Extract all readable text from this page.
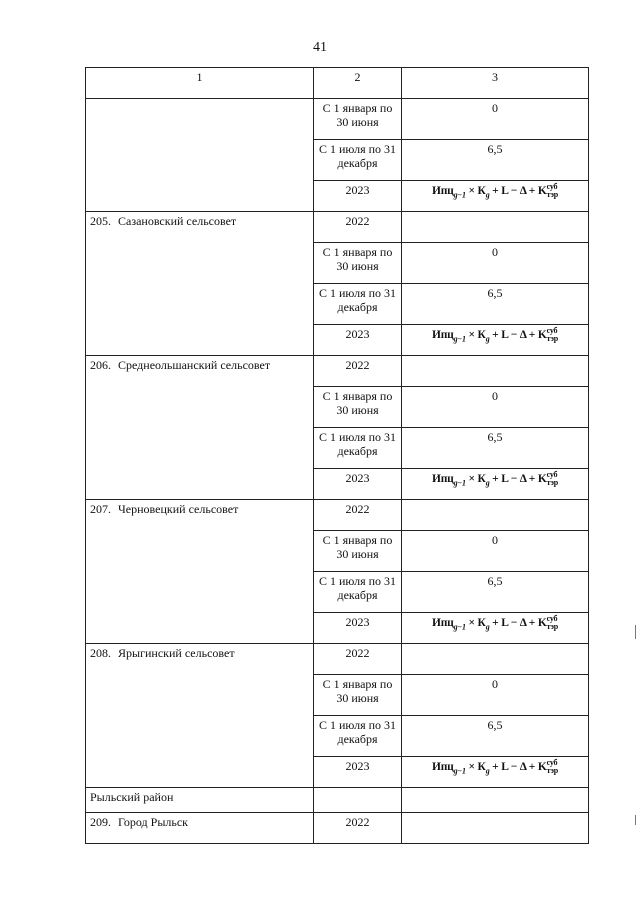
41
1	2	3
	С 1 января по 30 июня	0
	С 1 июля по 31 декабря	6,5
	2023	$Ипц_{g-1} \times К_g + L - \Delta + K$ суб
тэр

205. Сазановский сельсовет	2022	
	С 1 января по 30 июня	0
	С 1 июля по 31 декабря	6,5
	2023	$Ипц_{g-1} \times К_g + L - \Delta + K$ суб
тэр

206. Среднеольшанский сельсовет	2022	
	С 1 января по 30 июня	0
	С 1 июля по 31 декабря	6,5
	2023	$Ипц_{g-1} \times К_g + L - \Delta + K$ суб
тэр

207. Черновецкий сельсовет	2022	
	С 1 января по 30 июня	0
	С 1 июля по 31 декабря	6,5
	2023	$Ипц_{g-1} \times К_g + L - \Delta + K$ суб
тэр

208. Ярыгинский сельсовет	2022	
	С 1 января по 30 июня	0
	С 1 июля по 31 декабря	6,5
	2023	$Ипц_{g-1} \times К_g + L - \Delta + K$ суб
тэр

Рыльский район		
209. Город Рыльск	2022	
